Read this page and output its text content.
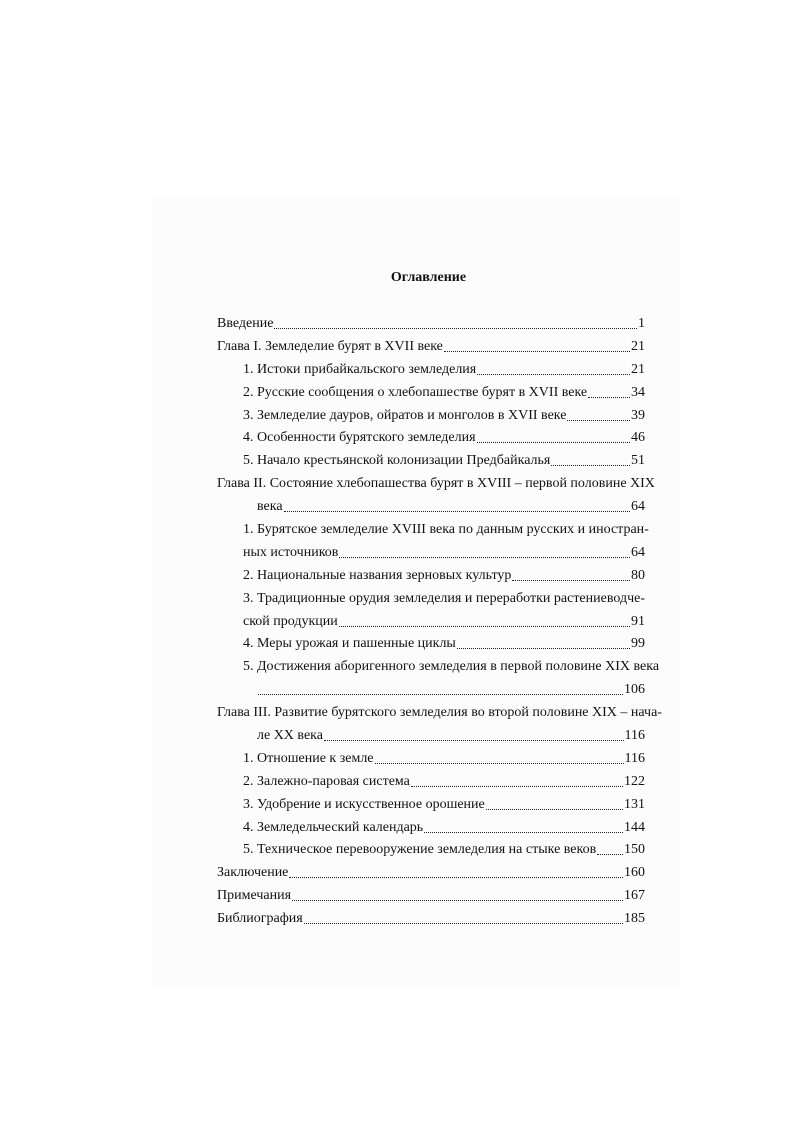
Оглавление
Введение	1
Глава I. Земледелие бурят в XVII веке	21
1. Истоки прибайкальского земледелия	21
2. Русские сообщения о хлебопашестве бурят в XVII веке	34
3. Земледелие дауров, ойратов и монголов в XVII веке	39
4. Особенности бурятского земледелия	46
5. Начало крестьянской колонизации Предбайкалья	51
Глава II. Состояние хлебопашества бурят в XVIII – первой половине XIX
века	64
1. Бурятское земледелие XVIII века по данным русских и иностран-
ных источников	64
2. Национальные названия зерновых культур	80
3. Традиционные орудия земледелия и переработки растениеводче-
ской продукции	91
4. Меры урожая и пашенные циклы	99
5. Достижения аборигенного земледелия в первой половине XIX века
106
Глава III. Развитие бурятского земледелия во второй половине XIX – нача-
ле XX века	116
1. Отношение к земле	116
2. Залежно-паровая система	122
3. Удобрение и искусственное орошение	131
4. Земледельческий календарь	144
5. Техническое перевооружение земледелия на стыке веков 150
Заключение	160
Примечания	167
Библиография	185
